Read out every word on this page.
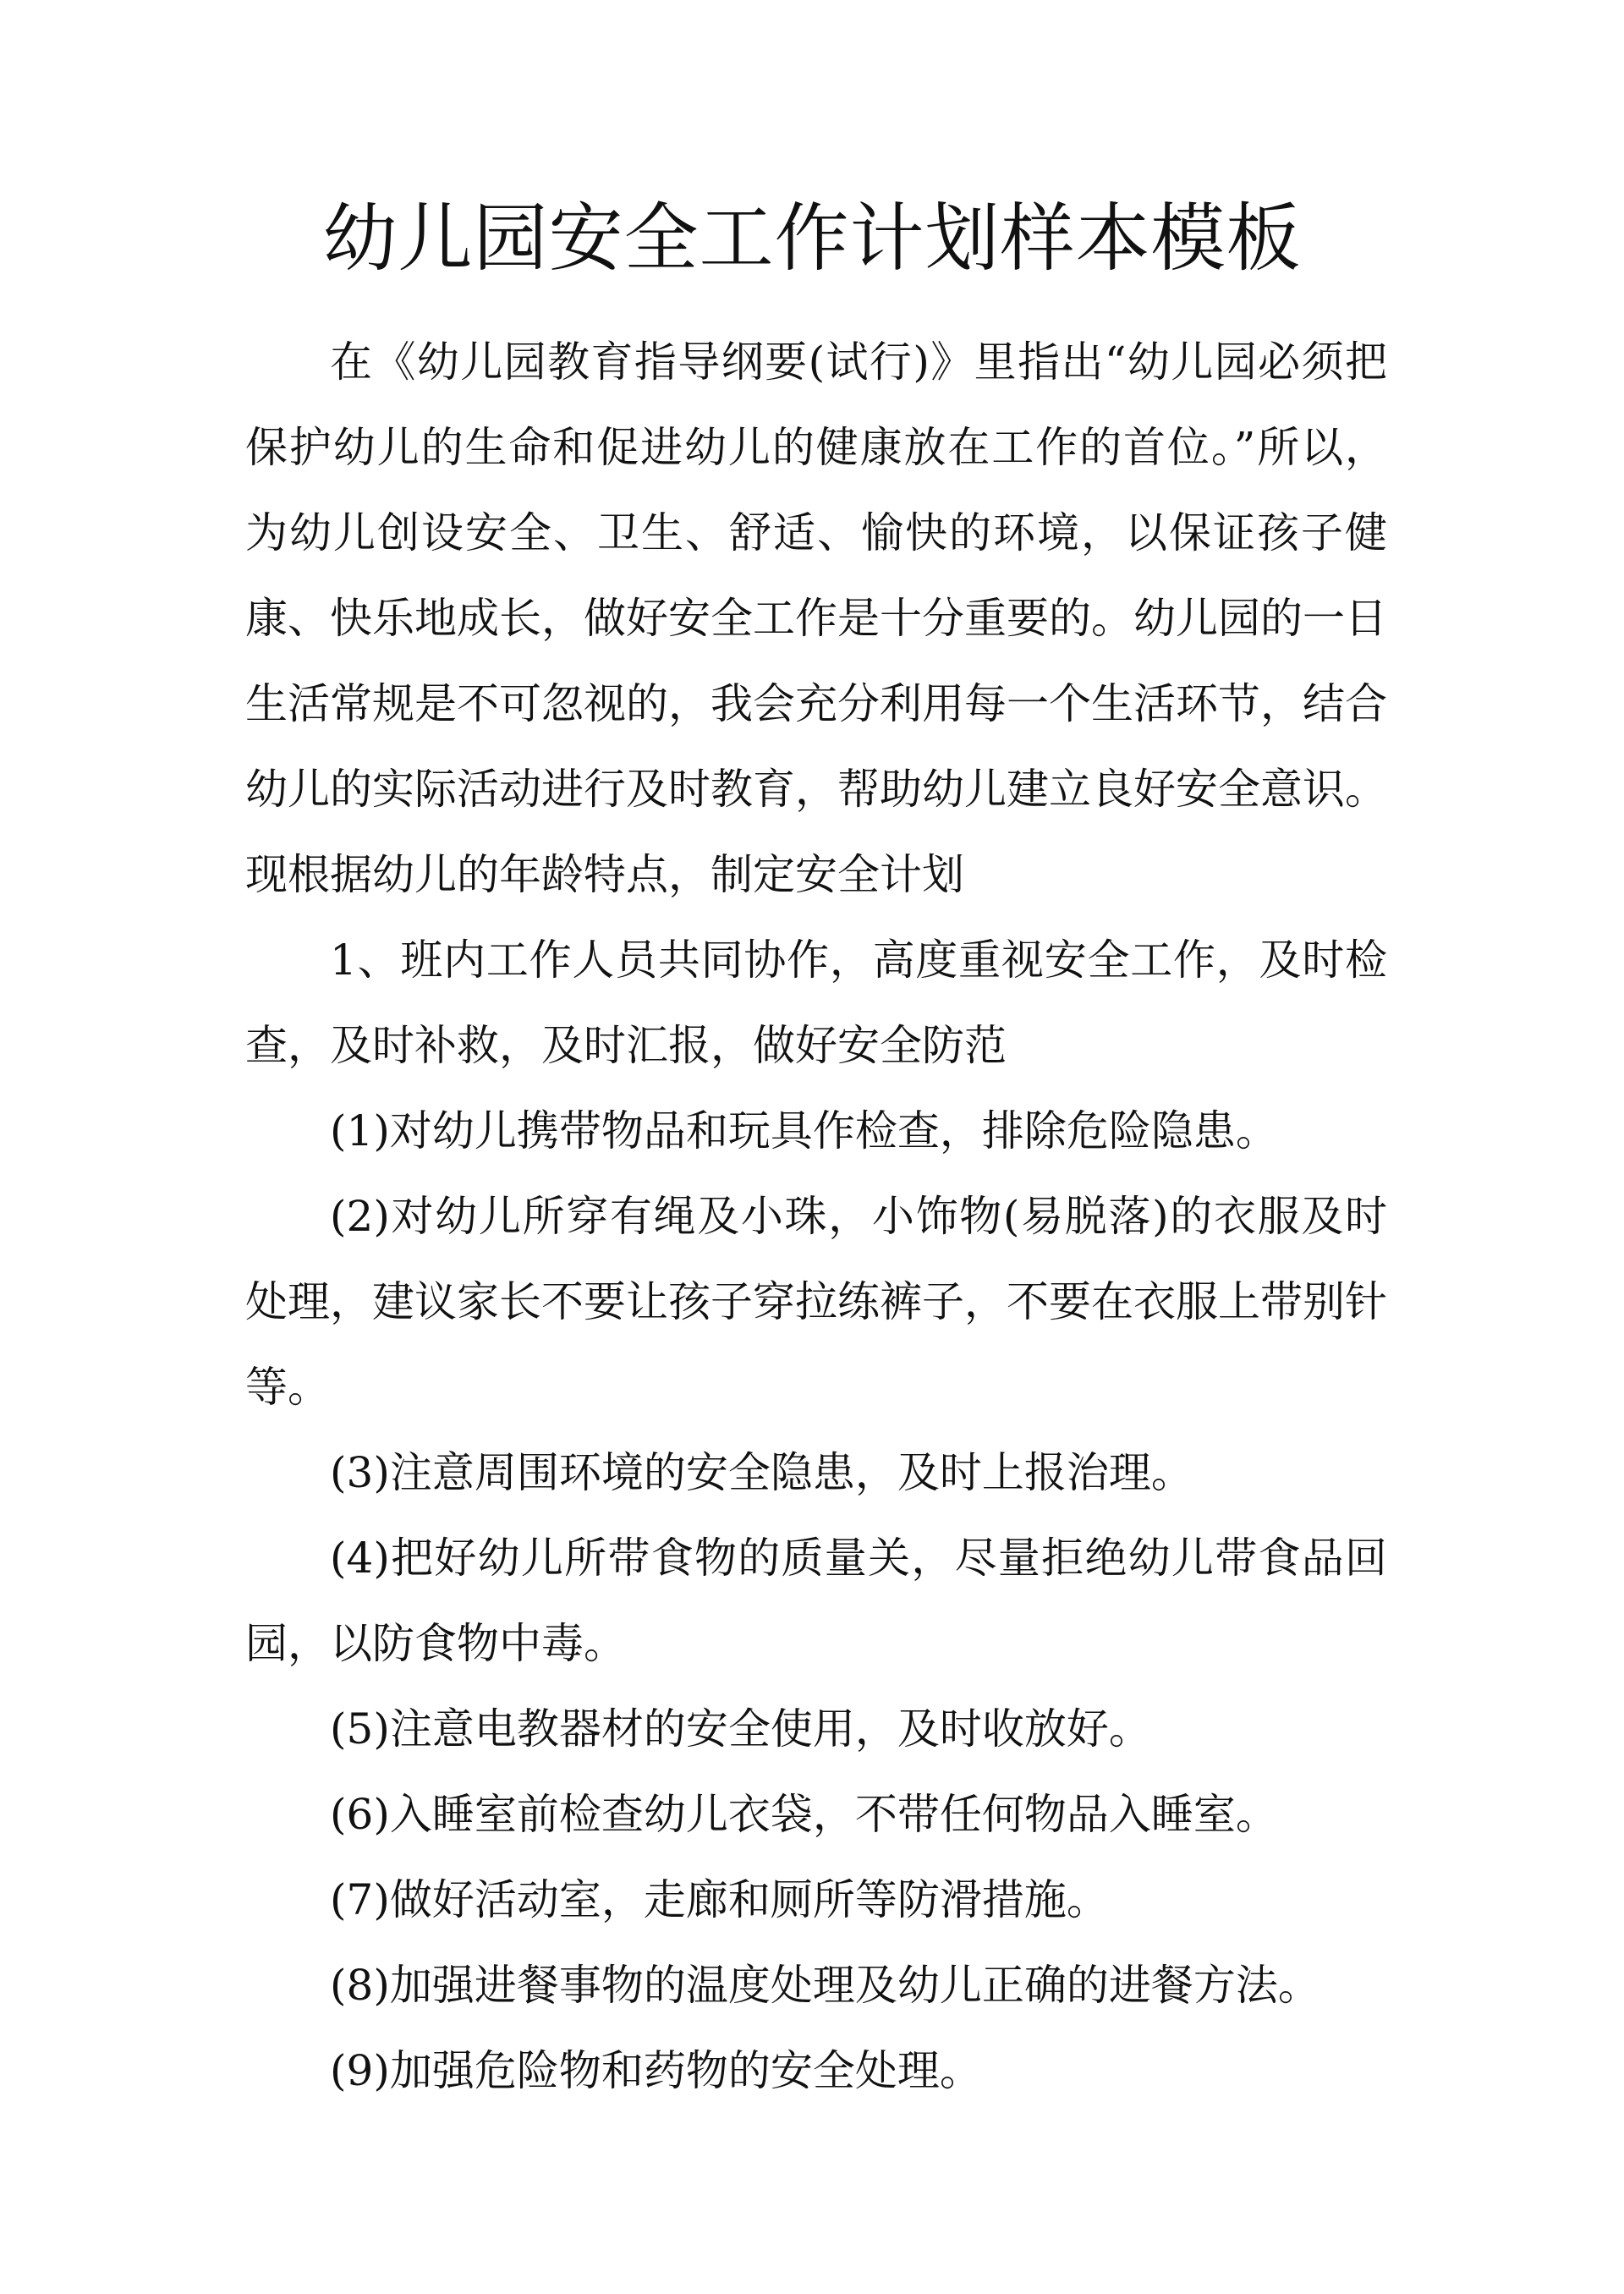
幼儿园安全工作计划样本模板

在《幼儿园教育指导纲要(试行)》里指出“幼儿园必须把保护幼儿的生命和促进幼儿的健康放在工作的首位。”所以，为幼儿创设安全、卫生、舒适、愉快的环境，以保证孩子健康、快乐地成长，做好安全工作是十分重要的。幼儿园的一日生活常规是不可忽视的，我会充分利用每一个生活环节，结合幼儿的实际活动进行及时教育，帮助幼儿建立良好安全意识。现根据幼儿的年龄特点，制定安全计划

1、班内工作人员共同协作，高度重视安全工作，及时检查，及时补救，及时汇报，做好安全防范

(1)对幼儿携带物品和玩具作检查，排除危险隐患。

(2)对幼儿所穿有绳及小珠，小饰物(易脱落)的衣服及时处理，建议家长不要让孩子穿拉练裤子，不要在衣服上带别针等。

(3)注意周围环境的安全隐患，及时上报治理。

(4)把好幼儿所带食物的质量关，尽量拒绝幼儿带食品回园，以防食物中毒。

(5)注意电教器材的安全使用，及时收放好。

(6)入睡室前检查幼儿衣袋，不带任何物品入睡室。

(7)做好活动室，走廊和厕所等防滑措施。

(8)加强进餐事物的温度处理及幼儿正确的进餐方法。

(9)加强危险物和药物的安全处理。
